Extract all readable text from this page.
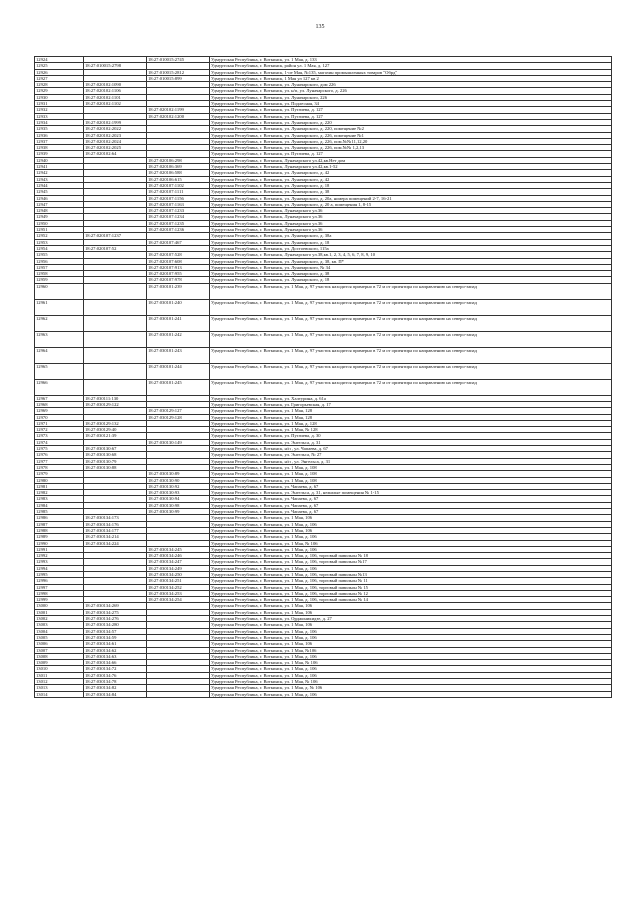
135
12924		18:27:010015:2745	Удмуртская Республика, г. Воткинск, ул. 1 Мая, д. 133
12925	18:27:010015:2798		Удмуртская Республика, г. Воткинск, район ул. 1 Мая, д. 127
12926		18:27:010015:2812	Удмуртская Республика, г. Воткинск, 1-ое Мая, №135, магазин промышленных товаров "Обрд"
12927		18:27:010015:899	Удмуртская Республика, г. Воткинск, 1 Мая ул 127 кв 2
12928	18:27:020102:1090		Удмуртская Республика, г. Воткинск, ул. Луначарского, дом 226
12929	18:27:020102:1106		Удмуртская Республика, г. Воткинск, ул. н/п, ул. Луначарского, д. 226
12930	18:27:020102:1101		Удмуртская Республика, г. Воткинск, ул. Луначарского, 226
12931	18:27:020102:1102		Удмуртская Республика, г. Воткинск, ул. Подлесная, 34
12932		18:27:020102:1199	Удмуртская Республика, г. Воткинск, ул. Пугачева, д. 127
12933		18:27:020102:1200	Удмуртская Республика, г. Воткинск, ул. Пугачева, д. 127
12934	18:27:020102:1999		Удмуртская Республика, г. Воткинск, ул. Луначарского, д. 220
12935	18:27:020102:2022		Удмуртская Республика, г. Воткинск, ул. Луначарского, д. 220, помещение №2
12936	18:27:020102:2023		Удмуртская Республика, г. Воткинск, ул. Луначарского, д. 226, помещение №1
12937	18:27:020102:2024		Удмуртская Республика, г. Воткинск, ул. Луначарского, д. 226, пом.№№11,12,20
12938	18:27:020102:2025		Удмуртская Республика, г. Воткинск, ул. Луначарского, д. 226, пом.№№ 1,2,13
12939	18:27:020102:64		Удмуртская Республика, г. Воткинск, ул. Пугачева, д. 127
12940		18:27:020106:298	Удмуртская Республика, г. Воткинск, Луначарского ул.42,кв.Нет дом
12941		18:27:020106:369	Удмуртская Республика, г. Воткинск, Луначарского ул.42,кв.1-52
12942		18:27:020106:588	Удмуртская Республика, г. Воткинск, ул. Луначарского, д. 42
12943		18:27:020106:615	Удмуртская Республика, г. Воткинск, ул. Луначарского, д. 42
12944		18:27:020107:1102	Удмуртская Республика, г. Воткинск, ул. Луначарского, д. 18
12945		18:27:020107:1111	Удмуртская Республика, г. Воткинск, ул. Луначарского, д. 38
12946		18:27:020107:1156	Удмуртская Республика, г. Воткинск, ул. Луначарского, д. 20а, номера помещений 2-7, 16-21
12947		18:27:020107:1163	Удмуртская Республика, г. Воткинск, ул. Луначарского, д. 20 а, помещения 1, 8-15
12948		18:27:020107:1233	Удмуртская Республика, г. Воткинск, Луначарского ул.36
12949		18:27:020107:1234	Удмуртская Республика, г. Воткинск, Луначарского ул.36
12950		18:27:020107:1235	Удмуртская Республика, г. Воткинск, Луначарского ул.36
12951		18:27:020107:1236	Удмуртская Республика, г. Воткинск, Луначарского ул.36
12952	18:27:020107:1237		Удмуртская Республика, г. Воткинск, ул. Луначарского, д. 38а
12953		18:27:020107:467	Удмуртская Республика, г. Воткинск, ул. Луначарского, д. 18
12954	18:27:020107:52		Удмуртская Республика, г. Воткинск, ул. Достоевского, 115а
12955		18:27:020107:528	Удмуртская Республика, г. Воткинск, Луначарского ул.38,кв.1, 2, 3, 4, 5, 6, 7, 8, 9, 10
12956		18:27:020107:608	Удмуртская Республика, г. Воткинск, ул. Луначарского, д. 38, кв. П*
12957		18:27:020107:913	Удмуртская Республика, г. Воткинск, ул. Луначарского, № 34
12958		18:27:020107:955	Удмуртская Республика, г. Воткинск, ул. Луначарского, д. 38
12959		18:27:020107:978	Удмуртская Республика, г. Воткинск, ул. Луначарского, д. 18
12960		18:27:030101:239	Удмуртская Республика, г. Воткинск, ул. 1 Мая, д. 97 участок находится примерно в 72 м от ориентира по направлению на северо-запад
12961		18:27:030101:240	Удмуртская Республика, г. Воткинск, ул. 1 Мая, д. 97 участок находится примерно в 72 м от ориентира по направлению на северо-запад
12962		18:27:030101:241	Удмуртская Республика, г. Воткинск, ул. 1 Мая, д. 97 участок находится примерно в 72 м от ориентира по направлению на северо-запад
12963		18:27:030101:242	Удмуртская Республика, г. Воткинск, ул. 1 Мая, д. 97 участок находится примерно в 72 м от ориентира по направлению на северо-запад
12964		18:27:030101:243	Удмуртская Республика, г. Воткинск, ул. 1 Мая, д. 97 участок находится примерно в 72 м от ориентира по направлению на северо-запад
12965		18:27:030101:244	Удмуртская Республика, г. Воткинск, ул. 1 Мая, д. 97 участок находится примерно в 72 м от ориентира по направлению на северо-запад
12966		18:27:030101:245	Удмуртская Республика, г. Воткинск, ул. 1 Мая, д. 97 участок находится примерно в 72 м от ориентира по направлению на северо-запад
12967	18:27:030111:130		Удмуртская Республика, г. Воткинск, ул. Халтурина, д. 61а
12968	18:27:030129:122		Удмуртская Республика, г. Воткинск, ул. Григорьевская, д. 17
12969		18:27:030129:127	Удмуртская Республика, г. Воткинск, ул. 1 Мая, 128
12970		18:27:030129:128	Удмуртская Республика, г. Воткинск, ул. 1 Мая, 128
12971	18:27:030129:132		Удмуртская Республика, г. Воткинск, ул. 1 Мая, д. 128
12972	18:27:030129:40		Удмуртская Республика, г. Воткинск, ул. 1 Мая, № 128
12973	18:27:030121:39		Удмуртская Республика, г. Воткинск, ул. Пугачева, д. 30
12974		18:27:030130:149	Удмуртская Республика, г. Воткинск, ул. Энгельса, д. 31
12975	18:27:030130:67		Удмуртская Республика, г. Воткинск, н/п , ул. Чапаева, д. 67
12976	18:27:030130:68		Удмуртская Республика, г. Воткинск, ул. Энгельса, № 27
12977	18:27:030130:79		Удмуртская Республика, г. Воткинск, н/п , ул. Энгельса, д. 31
12978	18:27:030130:88		Удмуртская Республика, г. Воткинск, ул. 1 Мая, д. 108
12979		18:27:030130:89	Удмуртская Республика, г. Воткинск, ул. 1 Мая, д. 108
12980		18:27:030130:90	Удмуртская Республика, г. Воткинск, ул. 1 Мая, д. 108
12981		18:27:030130:92	Удмуртская Республика, г. Воткинск, ул. Чапаева, д. 67
12982		18:27:030130:93	Удмуртская Республика, г. Воткинск, ул. Энгельса, д. 31, нежилые помещения № 1-15
12983		18:27:030130:94	Удмуртская Республика, г. Воткинск, ул. Чапаева, д. 67
12984		18:27:030130:98	Удмуртская Республика, г. Воткинск, ул. Чапаева, д. 67
12985		18:27:030130:99	Удмуртская Республика, г. Воткинск, ул. Чапаева, д. 67
12986	18:27:030134:173		Удмуртская Республика, г. Воткинск, ул. 1 Мая, 106
12987	18:27:030134:176		Удмуртская Республика, г. Воткинск, ул. 1 Мая, д. 106
12988	18:27:030134:177		Удмуртская Республика, г. Воткинск, ул. 1 Мая, 106
12989	18:27:030134:214		Удмуртская Республика, г. Воткинск, ул. 1 Мая, д. 106
12990	18:27:030134:224		Удмуртская Республика, г. Воткинск, ул. 1 Мая, № 106
12991		18:27:030134:245	Удмуртская Республика, г. Воткинск, ул. 1 Мая, д. 106
12992		18:27:030134:246	Удмуртская Республика, г. Воткинск, ул. 1 Мая, д. 106, торговый павильон № 18
12993		18:27:030134:247	Удмуртская Республика, г. Воткинск, ул. 1 Мая, д. 106, торговый павильон №17
12994		18:27:030134:249	Удмуртская Республика, г. Воткинск, ул. 1 Мая, д. 106
12995		18:27:030134:250	Удмуртская Республика, г. Воткинск, ул. 1 Мая, д. 106, торговый павильон №13
12996		18:27:030134:251	Удмуртская Республика, г. Воткинск, ул. 1 Мая, д. 106, торговый павильон № 11
12997		18:27:030134:252	Удмуртская Республика, г. Воткинск, ул. 1 Мая, д. 106, торговый павильон № 15
12998		18:27:030134:253	Удмуртская Республика, г. Воткинск, ул. 1 Мая, д. 106, торговый павильон № 12
12999		18:27:030134:254	Удмуртская Республика, г. Воткинск, ул. 1 Мая, д. 106, торговый павильон № 14
13000	18:27:030134:269		Удмуртская Республика, г. Воткинск, ул. 1 Мая, 106
13001	18:27:030134:275		Удмуртская Республика, г. Воткинск, ул. 1 Мая, 106
13002	18:27:030134:276		Удмуртская Республика, г. Воткинск, ул. Орджоникидзе, д. 27
13003	18:27:030134:280		Удмуртская Республика, г. Воткинск, ул. 1 Мая, 106
13004	18:27:030134:57		Удмуртская Республика, г. Воткинск, ул. 1 Мая, д. 106
13005	18:27:030134:59		Удмуртская Республика, г. Воткинск, ул. 1 Мая, д. 106
13006	18:27:030134:61		Удмуртская Республика, г. Воткинск, ул. 1 Мая, 106
13007	18:27:030134:62		Удмуртская Республика, г. Воткинск, ул. 1 Мая, №106
13008	18:27:030134:63		Удмуртская Республика, г. Воткинск, ул. 1 Мая, д. 106
13009	18:27:030134:66		Удмуртская Республика, г. Воткинск, ул. 1 Мая, № 106
13010	18:27:030134:72		Удмуртская Республика, г. Воткинск, ул. 1 Мая, д. 106
13011	18:27:030134:76		Удмуртская Республика, г. Воткинск, ул. 1 Мая, д. 106
13012	18:27:030134:78		Удмуртская Республика, г. Воткинск, ул. 1 Мая, № 106
13013	18:27:030134:82		Удмуртская Республика, г. Воткинск, ул. 1 Мая, д. № 106
13014	18:27:030134:84		Удмуртская Республика, г. Воткинск, ул. 1 Мая, д. 106
